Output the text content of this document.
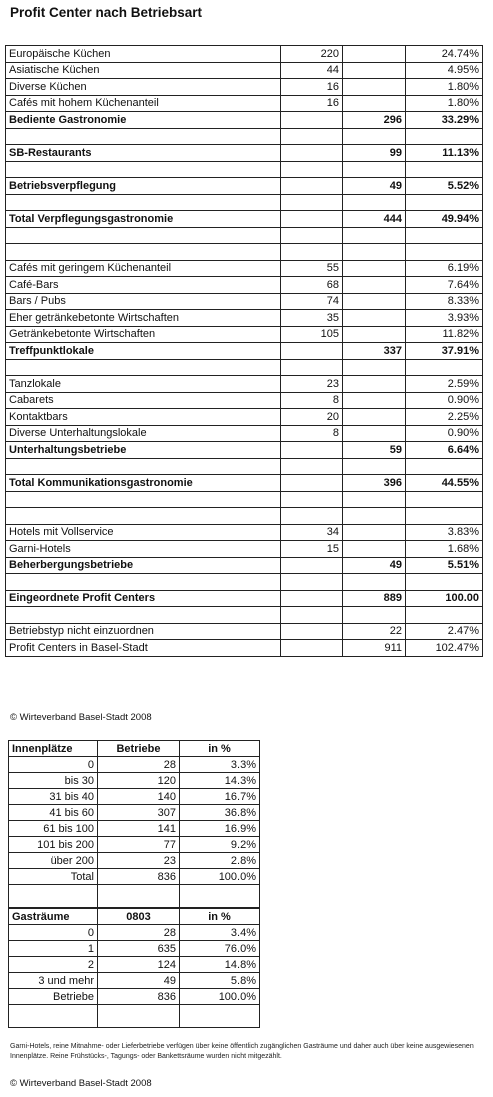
Profit Center nach Betriebsart
Europäische Küchen	220		24.74%
Asiatische Küchen	44		4.95%
Diverse Küchen	16		1.80%
Cafés mit hohem Küchenanteil	16		1.80%
Bediente Gastronomie		296	33.29%

SB-Restaurants		99	11.13%

Betriebsverpflegung		49	5.52%

Total Verpflegungsgastronomie		444	49.94%

Cafés mit geringem Küchenanteil	55		6.19%
Café-Bars	68		7.64%
Bars / Pubs	74		8.33%
Eher getränkebetonte Wirtschaften	35		3.93%
Getränkebetonte Wirtschaften	105		11.82%
Treffpunktlokale		337	37.91%

Tanzlokale	23		2.59%
Cabarets	8		0.90%
Kontaktbars	20		2.25%
Diverse Unterhaltungslokale	8		0.90%
Unterhaltungsbetriebe		59	6.64%

Total Kommunikationsgastronomie		396	44.55%

Hotels mit Vollservice	34		3.83%
Garni-Hotels	15		1.68%
Beherbergungsbetriebe		49	5.51%

Eingeordnete Profit Centers		889	100.00

Betriebstyp nicht einzuordnen		22	2.47%
Profit Centers in Basel-Stadt		911	102.47%
© Wirteverband Basel-Stadt 2008
Innenplätze	Betriebe	in %
0	28	3.3%
bis 30	120	14.3%
31 bis 40	140	16.7%
41 bis 60	307	36.8%
61 bis 100	141	16.9%
101 bis 200	77	9.2%
über 200	23	2.8%
Total	836	100.0%

Gasträume	0803	in %
0	28	3.4%
1	635	76.0%
2	124	14.8%
3 und mehr	49	5.8%
Betriebe	836	100.0%

Garni-Hotels, reine Mitnahme- oder Lieferbetriebe verfügen über keine öffentlich zugänglichen Gasträume und daher auch über keine ausgewiesenen Innenplätze. Reine Frühstücks-, Tagungs- oder Bankettsräume wurden nicht mitgezählt.
© Wirteverband Basel-Stadt 2008
